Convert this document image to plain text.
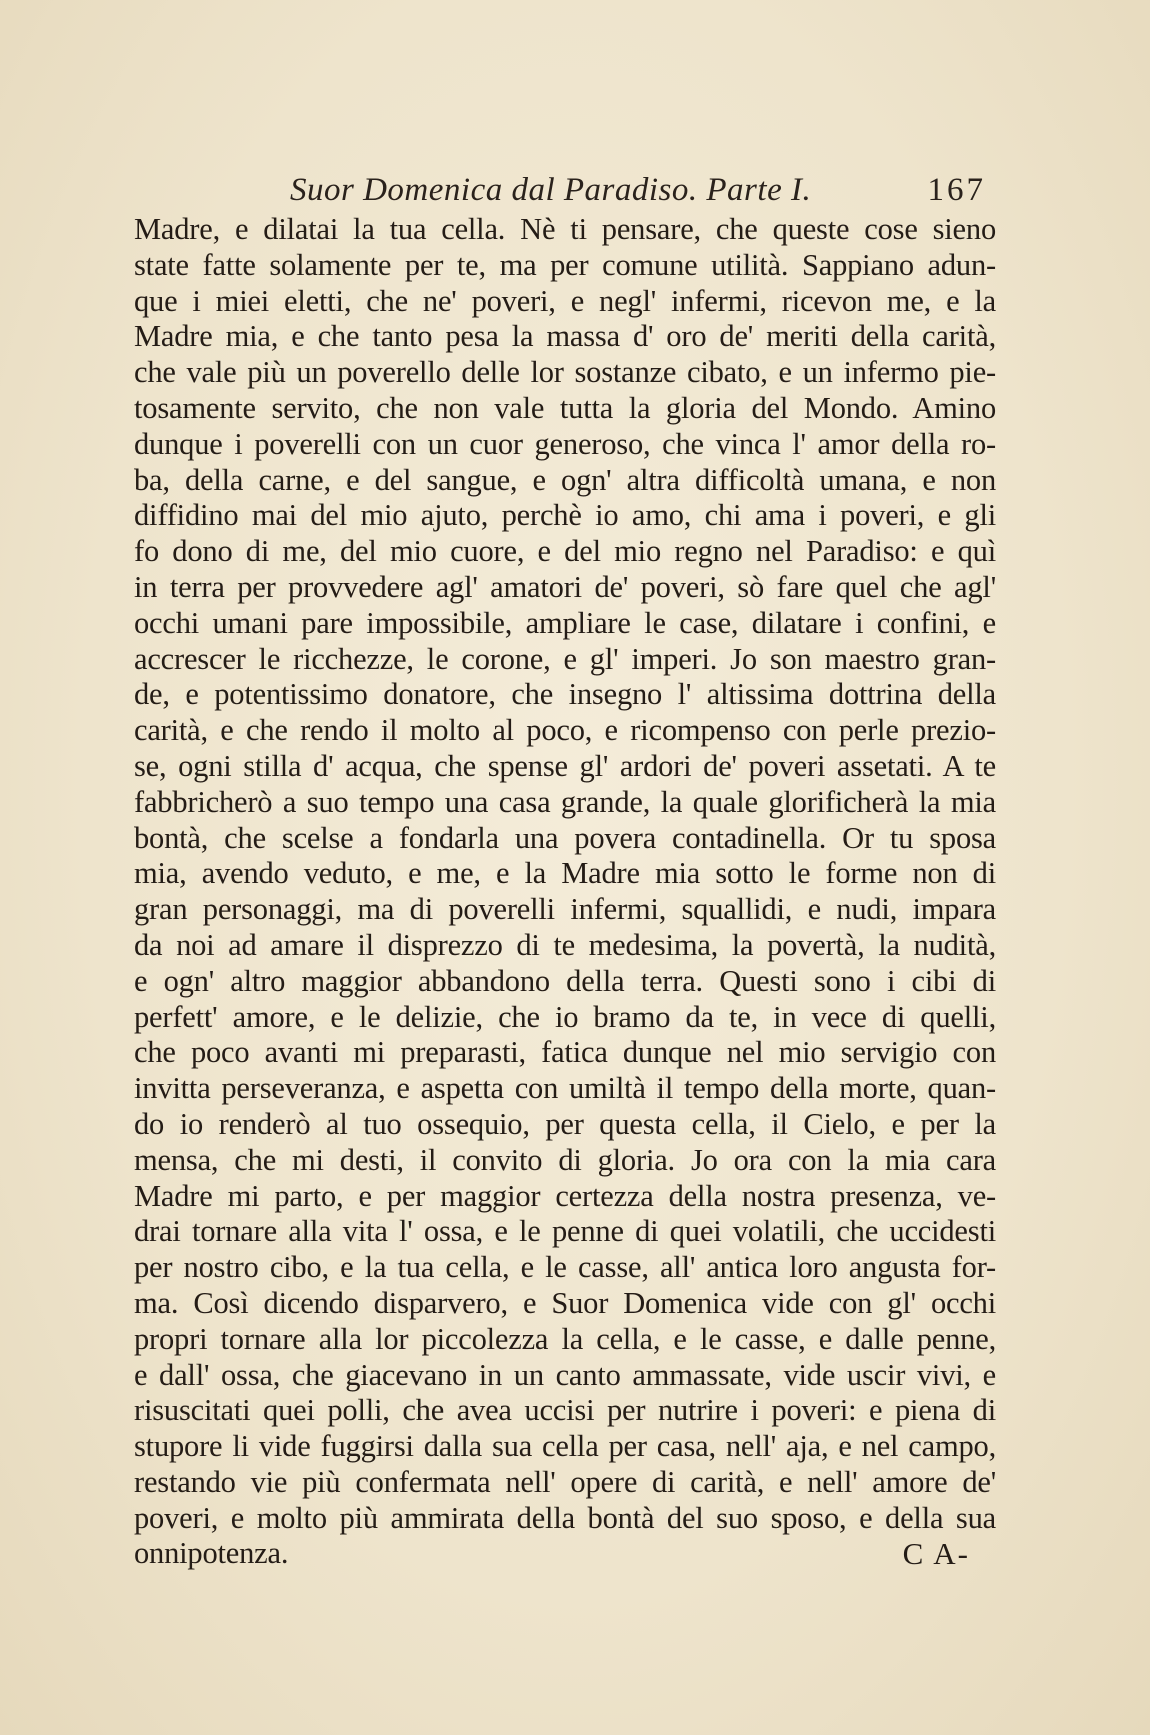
Suor Domenica dal Paradiso. Parte I.	167
Madre, e dilatai la tua cella. Nè ti pensare, che queste cose sieno
state fatte solamente per te, ma per comune utilità. Sappiano adun-
que i miei eletti, che ne' poveri, e negl' infermi, ricevon me, e la
Madre mia, e che tanto pesa la massa d' oro de' meriti della carità,
che vale più un poverello delle lor sostanze cibato, e un infermo pie-
tosamente servito, che non vale tutta la gloria del Mondo. Amino
dunque i poverelli con un cuor generoso, che vinca l' amor della ro-
ba, della carne, e del sangue, e ogn' altra difficoltà umana, e non
diffidino mai del mio ajuto, perchè io amo, chi ama i poveri, e gli
fo dono di me, del mio cuore, e del mio regno nel Paradiso: e quì
in terra per provvedere agl' amatori de' poveri, sò fare quel che agl'
occhi umani pare impossibile, ampliare le case, dilatare i confini, e
accrescer le ricchezze, le corone, e gl' imperi. Jo son maestro gran-
de, e potentissimo donatore, che insegno l' altissima dottrina della
carità, e che rendo il molto al poco, e ricompenso con perle prezio-
se, ogni stilla d' acqua, che spense gl' ardori de' poveri assetati. A te
fabbricherò a suo tempo una casa grande, la quale glorificherà la mia
bontà, che scelse a fondarla una povera contadinella. Or tu sposa
mia, avendo veduto, e me, e la Madre mia sotto le forme non di
gran personaggi, ma di poverelli infermi, squallidi, e nudi, impara
da noi ad amare il disprezzo di te medesima, la povertà, la nudità,
e ogn' altro maggior abbandono della terra. Questi sono i cibi di
perfett' amore, e le delizie, che io bramo da te, in vece di quelli,
che poco avanti mi preparasti, fatica dunque nel mio servigio con
invitta perseveranza, e aspetta con umiltà il tempo della morte, quan-
do io renderò al tuo ossequio, per questa cella, il Cielo, e per la
mensa, che mi desti, il convito di gloria. Jo ora con la mia cara
Madre mi parto, e per maggior certezza della nostra presenza, ve-
drai tornare alla vita l' ossa, e le penne di quei volatili, che uccidesti
per nostro cibo, e la tua cella, e le casse, all' antica loro angusta for-
ma. Così dicendo disparvero, e Suor Domenica vide con gl' occhi
propri tornare alla lor piccolezza la cella, e le casse, e dalle penne,
e dall' ossa, che giacevano in un canto ammassate, vide uscir vivi, e
risuscitati quei polli, che avea uccisi per nutrire i poveri: e piena di
stupore li vide fuggirsi dalla sua cella per casa, nell' aja, e nel campo,
restando vie più confermata nell' opere di carità, e nell' amore de'
poveri, e molto più ammirata della bontà del suo sposo, e della sua
onnipotenza.	C A-
